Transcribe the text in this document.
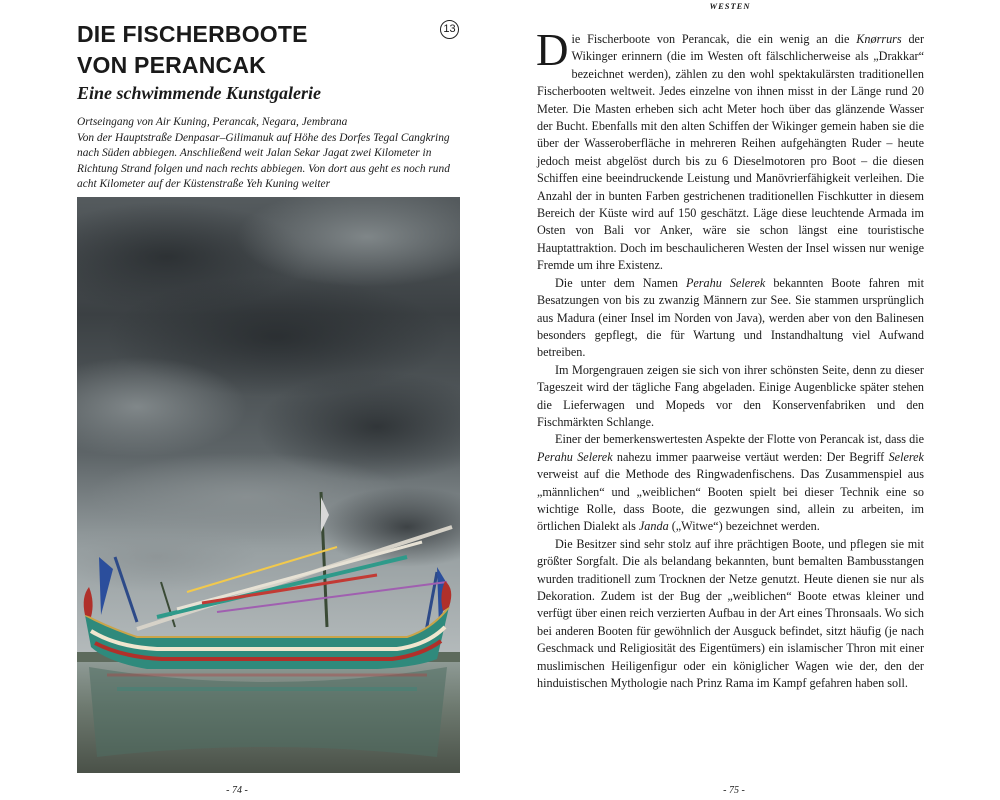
DIE FISCHERBOOTE
VON PERANCAK
13
Eine schwimmende Kunstgalerie

Ortseingang von Air Kuning, Perancak, Negara, Jembrana
Von der Hauptstraße Denpasar–Gilimanuk auf Höhe des Dorfes Tegal Cangkring nach Süden abbiegen. Anschließend weit Jalan Sekar Jagat zwei Kilometer in Richtung Strand folgen und nach rechts abbiegen. Von dort aus geht es noch rund acht Kilometer auf der Küstenstraße Yeh Kuning weiter

- 74 -
WESTEN

Die Fischerboote von Perancak, die ein wenig an die Knørrurs der Wikinger erinnern (die im Westen oft fälschlicherweise als „Drakkar“ bezeichnet werden), zählen zu den wohl spektakulärsten traditionellen Fischerbooten weltweit. Jedes einzelne von ihnen misst in der Länge rund 20 Meter. Die Masten erheben sich acht Meter hoch über das glänzende Wasser der Bucht. Ebenfalls mit den alten Schiffen der Wikinger gemein haben sie die über der Wasseroberfläche in mehreren Reihen aufgehängten Ruder – heute jedoch meist abgelöst durch bis zu 6 Dieselmotoren pro Boot – die diesen Schiffen eine beeindruckende Leistung und Manövrierfähigkeit verleihen. Die Anzahl der in bunten Farben gestrichenen traditionellen Fischkutter in diesem Bereich der Küste wird auf 150 geschätzt. Läge diese leuchtende Armada im Osten von Bali vor Anker, wäre sie schon längst eine touristische Hauptattraktion. Doch im beschaulicheren Westen der Insel wissen nur wenige Fremde um ihre Existenz.

Die unter dem Namen Perahu Selerek bekannten Boote fahren mit Besatzungen von bis zu zwanzig Männern zur See. Sie stammen ursprünglich aus Madura (einer Insel im Norden von Java), werden aber von den Balinesen besonders gepflegt, die für Wartung und Instandhaltung viel Aufwand betreiben.

Im Morgengrauen zeigen sie sich von ihrer schönsten Seite, denn zu dieser Tageszeit wird der tägliche Fang abgeladen. Einige Augenblicke später stehen die Lieferwagen und Mopeds vor den Konservenfabriken und den Fischmärkten Schlange.

Einer der bemerkenswertesten Aspekte der Flotte von Perancak ist, dass die Perahu Selerek nahezu immer paarweise vertäut werden: Der Begriff Selerek verweist auf die Methode des Ringwadenfischens. Das Zusammenspiel aus „männlichen“ und „weiblichen“ Booten spielt bei dieser Technik eine so wichtige Rolle, dass Boote, die gezwungen sind, allein zu arbeiten, im örtlichen Dialekt als Janda („Witwe“) bezeichnet werden.

Die Besitzer sind sehr stolz auf ihre prächtigen Boote, und pflegen sie mit größter Sorgfalt. Die als belandang bekannten, bunt bemalten Bambusstangen wurden traditionell zum Trocknen der Netze genutzt. Heute dienen sie nur als Dekoration. Zudem ist der Bug der „weiblichen“ Boote etwas kleiner und verfügt über einen reich verzierten Aufbau in der Art eines Thronsaals. Wo sich bei anderen Booten für gewöhnlich der Ausguck befindet, sitzt häufig (je nach Geschmack und Religiosität des Eigentümers) ein islamischer Thron mit einer muslimischen Heiligenfigur oder ein königlicher Wagen wie der, den der hinduistischen Mythologie nach Prinz Rama im Kampf gefahren haben soll.

- 75 -
